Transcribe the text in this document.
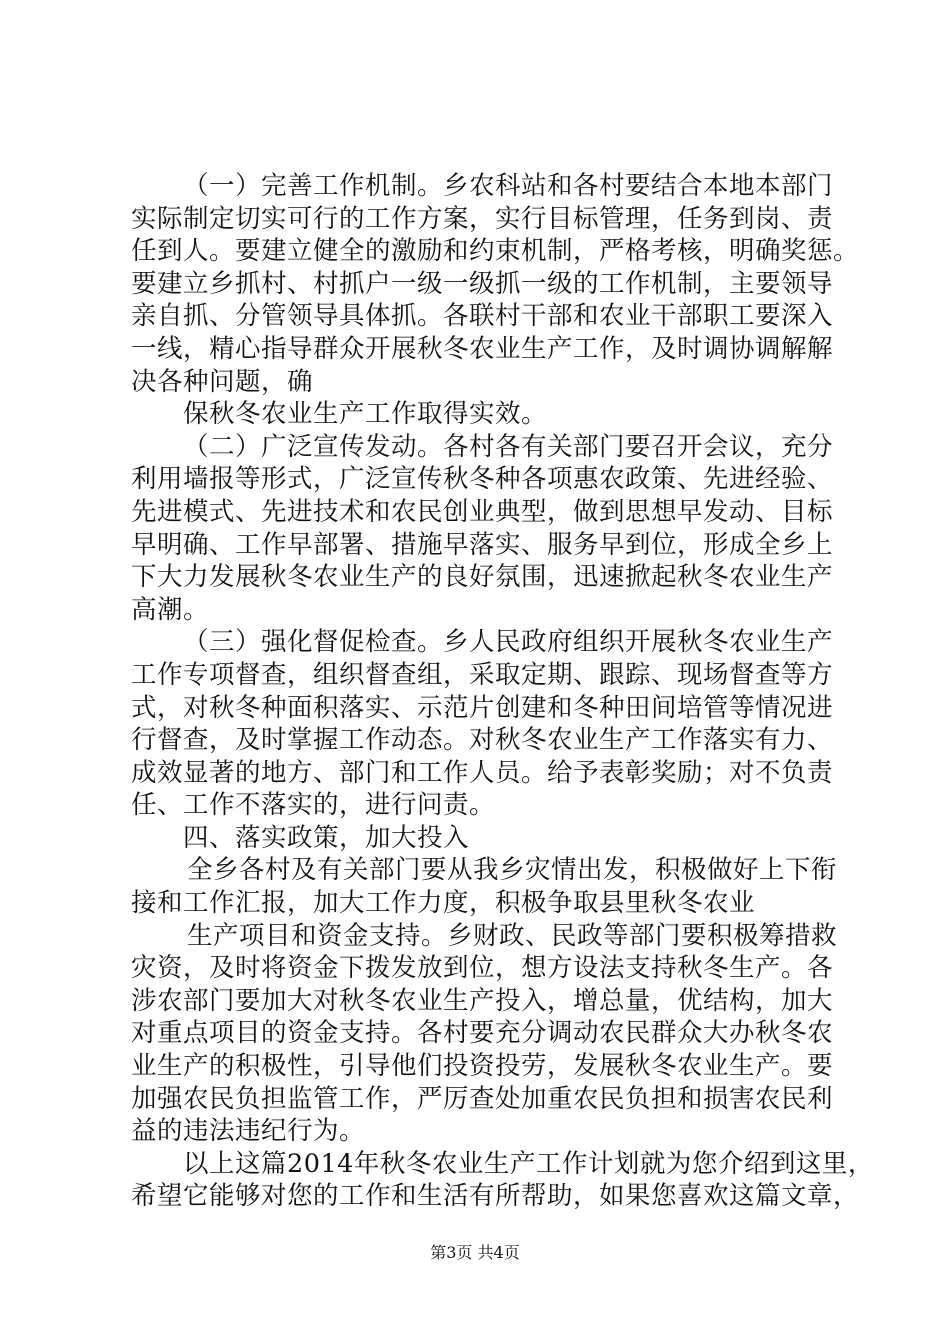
（一）完善工作机制。乡农科站和各村要结合本地本部门
实际制定切实可行的工作方案，实行目标管理，任务到岗、责
任到人。要建立健全的激励和约束机制，严格考核，明确奖惩。
要建立乡抓村、村抓户一级一级抓一级的工作机制，主要领导
亲自抓、分管领导具体抓。各联村干部和农业干部职工要深入
一线，精心指导群众开展秋冬农业生产工作，及时调协调解解
决各种问题，确
保秋冬农业生产工作取得实效。
（二）广泛宣传发动。各村各有关部门要召开会议，充分
利用墙报等形式，广泛宣传秋冬种各项惠农政策、先进经验、
先进模式、先进技术和农民创业典型，做到思想早发动、目标
早明确、工作早部署、措施早落实、服务早到位，形成全乡上
下大力发展秋冬农业生产的良好氛围，迅速掀起秋冬农业生产
高潮。
（三）强化督促检查。乡人民政府组织开展秋冬农业生产
工作专项督查，组织督查组，采取定期、跟踪、现场督查等方
式，对秋冬种面积落实、示范片创建和冬种田间培管等情况进
行督查，及时掌握工作动态。对秋冬农业生产工作落实有力、
成效显著的地方、部门和工作人员。给予表彰奖励；对不负责
任、工作不落实的，进行问责。
四、落实政策，加大投入
全乡各村及有关部门要从我乡灾情出发，积极做好上下衔
接和工作汇报，加大工作力度，积极争取县里秋冬农业
生产项目和资金支持。乡财政、民政等部门要积极筹措救
灾资，及时将资金下拨发放到位，想方设法支持秋冬生产。各
涉农部门要加大对秋冬农业生产投入，增总量，优结构，加大
对重点项目的资金支持。各村要充分调动农民群众大办秋冬农
业生产的积极性，引导他们投资投劳，发展秋冬农业生产。要
加强农民负担监管工作，严厉查处加重农民负担和损害农民利
益的违法违纪行为。
以上这篇2014年秋冬农业生产工作计划就为您介绍到这里，
希望它能够对您的工作和生活有所帮助，如果您喜欢这篇文章，
第3页 共4页
